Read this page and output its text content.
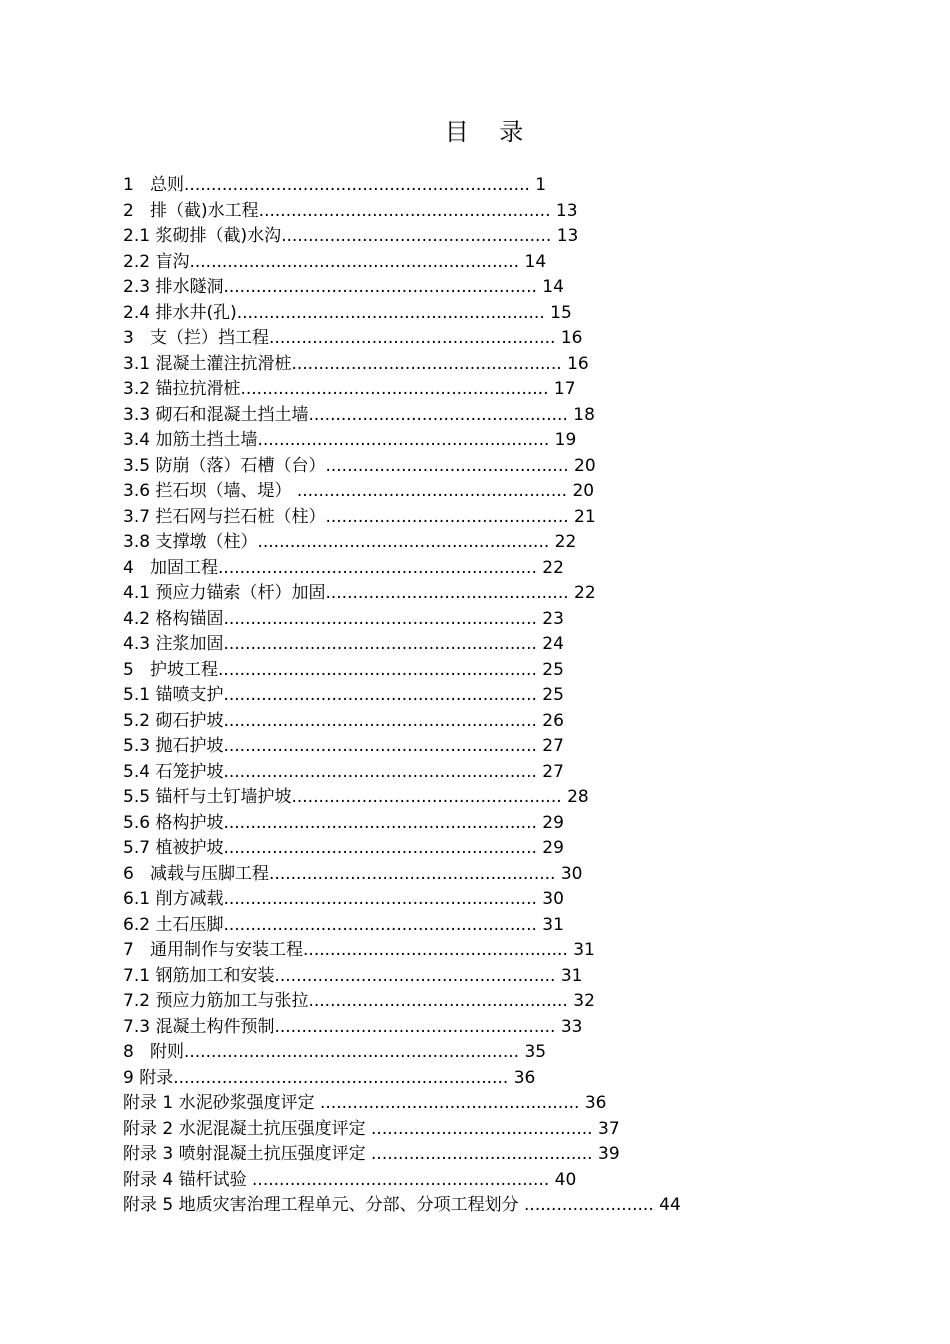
目    录
1   总则................................................................ 1
2   排（截)水工程...................................................... 13
2.1 浆砌排（截)水沟.................................................. 13
2.2 盲沟............................................................. 14
2.3 排水隧洞.......................................................... 14
2.4 排水井(孔)......................................................... 15
3   支（拦）挡工程..................................................... 16
3.1 混凝土灌注抗滑桩.................................................. 16
3.2 锚拉抗滑桩......................................................... 17
3.3 砌石和混凝土挡土墙................................................ 18
3.4 加筋土挡土墙...................................................... 19
3.5 防崩（落）石槽（台）............................................. 20
3.6 拦石坝（墙、堤） .................................................. 20
3.7 拦石网与拦石桩（柱）............................................. 21
3.8 支撑墩（柱）...................................................... 22
4   加固工程........................................................... 22
4.1 预应力锚索（杆）加固............................................. 22
4.2 格构锚固.......................................................... 23
4.3 注浆加固.......................................................... 24
5   护坡工程........................................................... 25
5.1 锚喷支护.......................................................... 25
5.2 砌石护坡.......................................................... 26
5.3 抛石护坡.......................................................... 27
5.4 石笼护坡.......................................................... 27
5.5 锚杆与土钉墙护坡.................................................. 28
5.6 格构护坡.......................................................... 29
5.7 植被护坡.......................................................... 29
6   减载与压脚工程..................................................... 30
6.1 削方减载.......................................................... 30
6.2 土石压脚.......................................................... 31
7   通用制作与安装工程................................................. 31
7.1 钢筋加工和安装.................................................... 31
7.2 预应力筋加工与张拉................................................ 32
7.3 混凝土构件预制.................................................... 33
8   附则.............................................................. 35
9 附录.............................................................. 36
附录 1 水泥砂浆强度评定 ................................................ 36
附录 2 水泥混凝土抗压强度评定 ......................................... 37
附录 3 喷射混凝土抗压强度评定 ......................................... 39
附录 4 锚杆试验 ....................................................... 40
附录 5 地质灾害治理工程单元、分部、分项工程划分 ........................ 44
